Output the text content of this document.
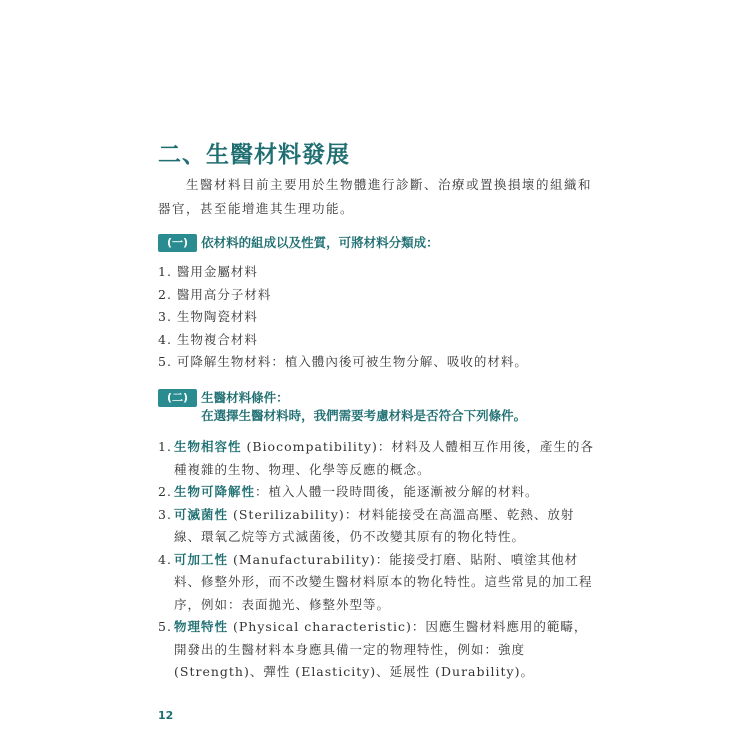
二、生醫材料發展

生醫材料目前主要用於生物體進行診斷、治療或置換損壞的組織和器官，甚至能增進其生理功能。

(一)	依材料的組成以及性質，可將材料分類成：
1. 醫用金屬材料
2. 醫用高分子材料
3. 生物陶瓷材料
4. 生物複合材料
5. 可降解生物材料：植入體內後可被生物分解、吸收的材料。
(二)	生醫材料條件：
在選擇生醫材料時，我們需要考慮材料是否符合下列條件。
1. 生物相容性 (Biocompatibility)：材料及人體相互作用後，產生的各種複雜的生物、物理、化學等反應的概念。
2. 生物可降解性：植入人體一段時間後，能逐漸被分解的材料。
3. 可滅菌性 (Sterilizability)：材料能接受在高溫高壓、乾熱、放射線、環氧乙烷等方式滅菌後，仍不改變其原有的物化特性。
4. 可加工性 (Manufacturability)：能接受打磨、貼附、噴塗其他材料、修整外形，而不改變生醫材料原本的物化特性。這些常見的加工程序，例如：表面拋光、修整外型等。
5. 物理特性 (Physical characteristic)：因應生醫材料應用的範疇，開發出的生醫材料本身應具備一定的物理特性，例如：強度 (Strength)、彈性 (Elasticity)、延展性 (Durability)。
12
